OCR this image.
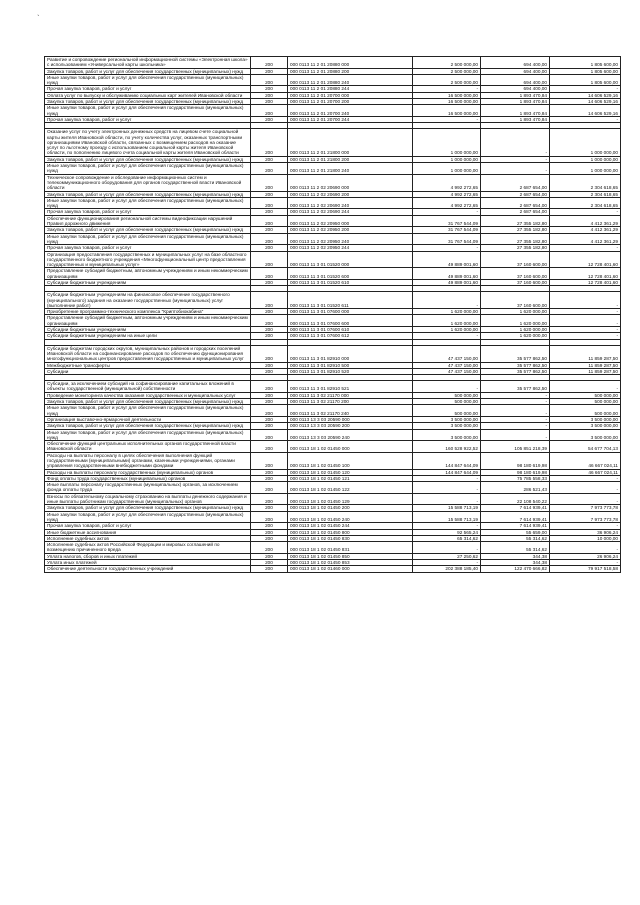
`
Развитие и сопровождение региональной информационной системы «Электронная школа» с использованием «Универсальной карты школьника»	200	000 0113 11 2 01 20880 000	2 500 000,00	694 400,00	1 805 600,00
Закупка товаров, работ и услуг для обеспечения государственных (муниципальных) нужд	200	000 0113 11 2 01 20880 200	2 500 000,00	694 400,00	1 805 600,00
Иные закупки товаров, работ и услуг для обеспечения государственных (муниципальных) нужд	200	000 0113 11 2 01 20880 240	2 500 000,00	694 400,00	1 805 600,00
Прочая закупка товаров, работ и услуг	200	000 0113 11 2 01 20880 244	-	694 400,00	-
Оплата услуг по выпуску и обслуживанию социальных карт жителей Ивановской области	200	000 0113 11 2 01 20700 000	16 500 000,00	1 893 470,84	14 606 529,16
Закупка товаров, работ и услуг для обеспечения государственных (муниципальных) нужд	200	000 0113 11 2 01 20700 200	16 500 000,00	1 893 470,84	14 606 529,16
Иные закупки товаров, работ и услуг для обеспечения государственных (муниципальных) нужд	200	000 0113 11 2 01 20700 240	16 500 000,00	1 893 470,84	14 606 529,16
Прочая закупка товаров, работ и услуг	200	000 0113 11 2 01 20700 244	-	1 893 470,84	-

Оказание услуг по учету электронных денежных средств на лицевом счете социальной карты жителя Ивановской области, по учету количества услуг, оказанных транспортными организациями Ивановской области, связанных с возмещением расходов на оказание услуг по льготному проезду с использованием социальной карты жителя Ивановской области, по пополнению лицевого счета социальной карты жителя Ивановской области	200	000 0113 11 2 01 21800 000	1 000 000,00	-	1 000 000,00
Закупка товаров, работ и услуг для обеспечения государственных (муниципальных) нужд	200	000 0113 11 2 01 21800 200	1 000 000,00	-	1 000 000,00
Иные закупки товаров, работ и услуг для обеспечения государственных (муниципальных) нужд	200	000 0113 11 2 01 21800 240	1 000 000,00	-	1 000 000,00
Техническое сопровождение и обследование информационных систем и телекоммуникационного оборудования для органов государственной власти Ивановской области	200	000 0113 11 2 02 20690 000	4 992 272,65	2 687 654,00	2 304 618,65
Закупка товаров, работ и услуг для обеспечения государственных (муниципальных) нужд	200	000 0113 11 2 02 20690 200	4 992 272,65	2 687 654,00	2 304 618,65
Иные закупки товаров, работ и услуг для обеспечения государственных (муниципальных) нужд	200	000 0113 11 2 02 20690 240	4 992 272,65	2 687 654,00	2 304 618,65
Прочая закупка товаров, работ и услуг	200	000 0113 11 2 02 20690 244	-	2 687 654,00	-
Обеспечение функционирования региональной системы видеофиксации нарушений Правил дорожного движения	200	000 0113 11 2 02 20950 000	31 767 544,09	27 355 182,80	4 412 361,29
Закупка товаров, работ и услуг для обеспечения государственных (муниципальных) нужд	200	000 0113 11 2 02 20950 200	31 767 544,09	27 355 182,80	4 412 361,29
Иные закупки товаров, работ и услуг для обеспечения государственных (муниципальных) нужд	200	000 0113 11 2 02 20950 240	31 767 544,09	27 355 182,80	4 412 361,29
Прочая закупка товаров, работ и услуг	200	000 0113 11 2 02 20950 244	-	27 355 182,80	-
Организация предоставления государственных и муниципальных услуг на базе областного государственного бюджетного учреждения «Многофункциональный центр предоставления государственных и муниципальных услуг»	200	000 0113 11 3 01 01520 000	49 889 001,60	37 160 600,00	12 728 401,60
Предоставление субсидий бюджетным, автономным учреждениям и иным некоммерческим организациям	200	000 0113 11 3 01 01520 600	49 889 001,60	37 160 600,00	12 728 401,60
Субсидии бюджетным учреждениям	200	000 0113 11 3 01 01520 610	49 889 001,60	37 160 600,00	12 728 401,60

Субсидии бюджетным учреждениям на финансовое обеспечение государственного (муниципального) задания на оказание государственных (муниципальных) услуг (выполнение работ)	200	000 0113 11 3 01 01520 611	-	37 160 600,00	-
Приобретение программно-технического комплекса "Криптобиокабина"	200	000 0113 11 3 01 07600 000	1 620 000,00	1 620 000,00	-
Предоставление субсидий бюджетным, автономным учреждениям и иным некоммерческим организациям	200	000 0113 11 3 01 07600 600	1 620 000,00	1 620 000,00	-
Субсидии бюджетным учреждениям	200	000 0113 11 3 01 07600 610	1 620 000,00	1 620 000,00	-
Субсидии бюджетным учреждениям на иные цели	200	000 0113 11 3 01 07600 612	-	1 620 000,00	-

Субсидии бюджетам городских округов, муниципальных районов и городских поселений Ивановской области на софинансирование расходов по обеспечению функционирования многофункциональных центров предоставления государственных и муниципальных услуг	200	000 0113 11 3 01 82910 000	47 437 150,00	35 577 862,50	11 859 287,50
Межбюджетные трансферты	200	000 0113 11 3 01 82910 500	47 437 150,00	35 577 862,50	11 859 287,50
Субсидии	200	000 0113 11 3 01 82910 520	47 437 150,00	35 577 862,50	11 859 287,50

Субсидии, за исключением субсидий на софинансирование капитальных вложений в объекты государственной (муниципальной) собственности	200	000 0113 11 3 01 82910 521	-	35 577 862,50	-
Проведение мониторинга качества оказания государственных и муниципальных услуг	200	000 0113 11 3 02 21170 000	500 000,00	-	500 000,00
Закупка товаров, работ и услуг для обеспечения государственных (муниципальных) нужд	200	000 0113 11 3 02 21170 200	500 000,00	-	500 000,00
Иные закупки товаров, работ и услуг для обеспечения государственных (муниципальных) нужд	200	000 0113 11 3 02 21170 240	500 000,00	-	500 000,00
Организация выставочно-ярмарочной деятельности	200	000 0113 13 3 03 20590 000	3 500 000,00	-	3 500 000,00
Закупка товаров, работ и услуг для обеспечения государственных (муниципальных) нужд	200	000 0113 13 3 03 20590 200	3 500 000,00	-	3 500 000,00
Иные закупки товаров, работ и услуг для обеспечения государственных (муниципальных) нужд	200	000 0113 13 3 03 20590 240	3 500 000,00	-	3 500 000,00
Обеспечение функций центральных исполнительных органов государственной власти Ивановской области	200	000 0113 18 1 02 01450 000	160 528 922,52	105 851 218,39	54 677 704,13
Расходы на выплаты персоналу в целях обеспечения выполнения функций государственными (муниципальными) органами, казенными учреждениями, органами управления государственными внебюджетными фондами	200	000 0113 18 1 02 01450 100	144 847 644,09	98 180 619,98	46 667 024,11
Расходы на выплаты персоналу государственных (муниципальных) органов	200	000 0113 18 1 02 01450 120	144 847 644,09	98 180 619,98	46 667 024,11
Фонд оплаты труда государственных (муниципальных) органов	200	000 0113 18 1 02 01450 121	-	75 785 558,33	-
Иные выплаты персоналу государственных (муниципальных) органов, за исключением фонда оплаты труда	200	000 0113 18 1 02 01450 122	-	286 521,43	-
Взносы по обязательному социальному страхованию на выплаты денежного содержания и иные выплаты работникам государственных (муниципальных) органов	200	000 0113 18 1 02 01450 129	-	22 108 540,22	-
Закупка товаров, работ и услуг для обеспечения государственных (муниципальных) нужд	200	000 0113 18 1 02 01450 200	15 588 713,19	7 614 939,41	7 973 773,78
Иные закупки товаров, работ и услуг для обеспечения государственных (муниципальных) нужд	200	000 0113 18 1 02 01450 240	15 588 713,19	7 614 939,41	7 973 773,78
Прочая закупка товаров, работ и услуг	200	000 0113 18 1 02 01450 244	-	7 614 939,41	-
Иные бюджетные ассигнования	200	000 0113 18 1 02 01450 800	92 565,24	55 659,00	36 906,24
Исполнение судебных актов	200	000 0113 18 1 02 01450 830	65 314,62	55 314,62	10 000,00
Исполнение судебных актов Российской Федерации и мировых соглашений по возмещению причиненного вреда	200	000 0113 18 1 02 01450 831	-	55 314,62	-
Уплата налогов, сборов и иных платежей	200	000 0113 18 1 02 01450 850	27 250,62	344,38	26 906,24
Уплата иных платежей	200	000 0113 18 1 02 01450 853	-	344,38	-
Обеспечение деятельности государственных учреждений	200	000 0113 18 1 02 01460 000	202 388 185,40	122 470 666,82	79 917 518,58
